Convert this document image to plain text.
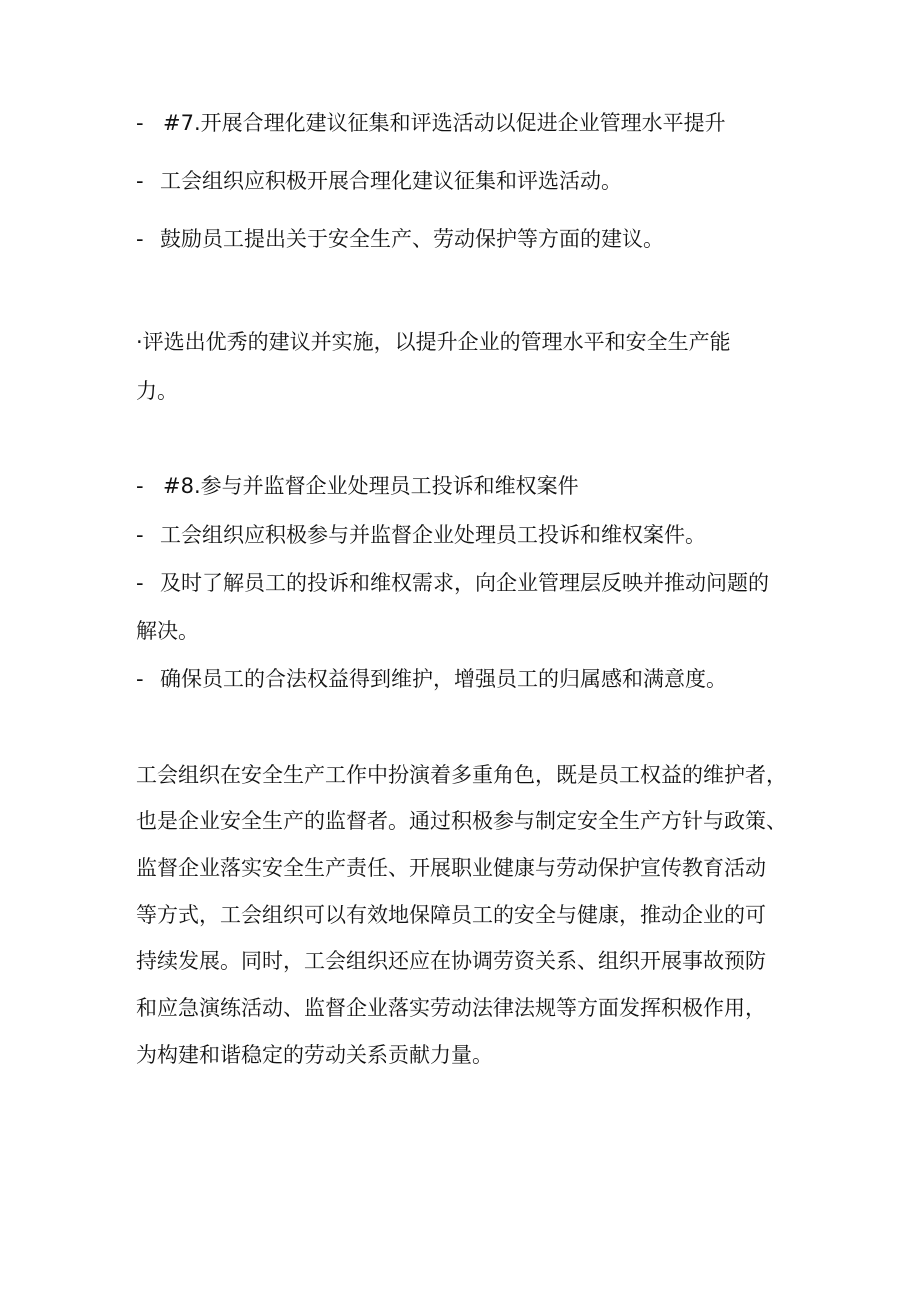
- #7.开展合理化建议征集和评选活动以促进企业管理水平提升
- 工会组织应积极开展合理化建议征集和评选活动。
- 鼓励员工提出关于安全生产、劳动保护等方面的建议。
·评选出优秀的建议并实施，以提升企业的管理水平和安全生产能
力。
- #8.参与并监督企业处理员工投诉和维权案件
- 工会组织应积极参与并监督企业处理员工投诉和维权案件。
- 及时了解员工的投诉和维权需求，向企业管理层反映并推动问题的
解决。
- 确保员工的合法权益得到维护，增强员工的归属感和满意度。
工会组织在安全生产工作中扮演着多重角色，既是员工权益的维护者，
也是企业安全生产的监督者。通过积极参与制定安全生产方针与政策、
监督企业落实安全生产责任、开展职业健康与劳动保护宣传教育活动
等方式，工会组织可以有效地保障员工的安全与健康，推动企业的可
持续发展。同时，工会组织还应在协调劳资关系、组织开展事故预防
和应急演练活动、监督企业落实劳动法律法规等方面发挥积极作用，
为构建和谐稳定的劳动关系贡献力量。
